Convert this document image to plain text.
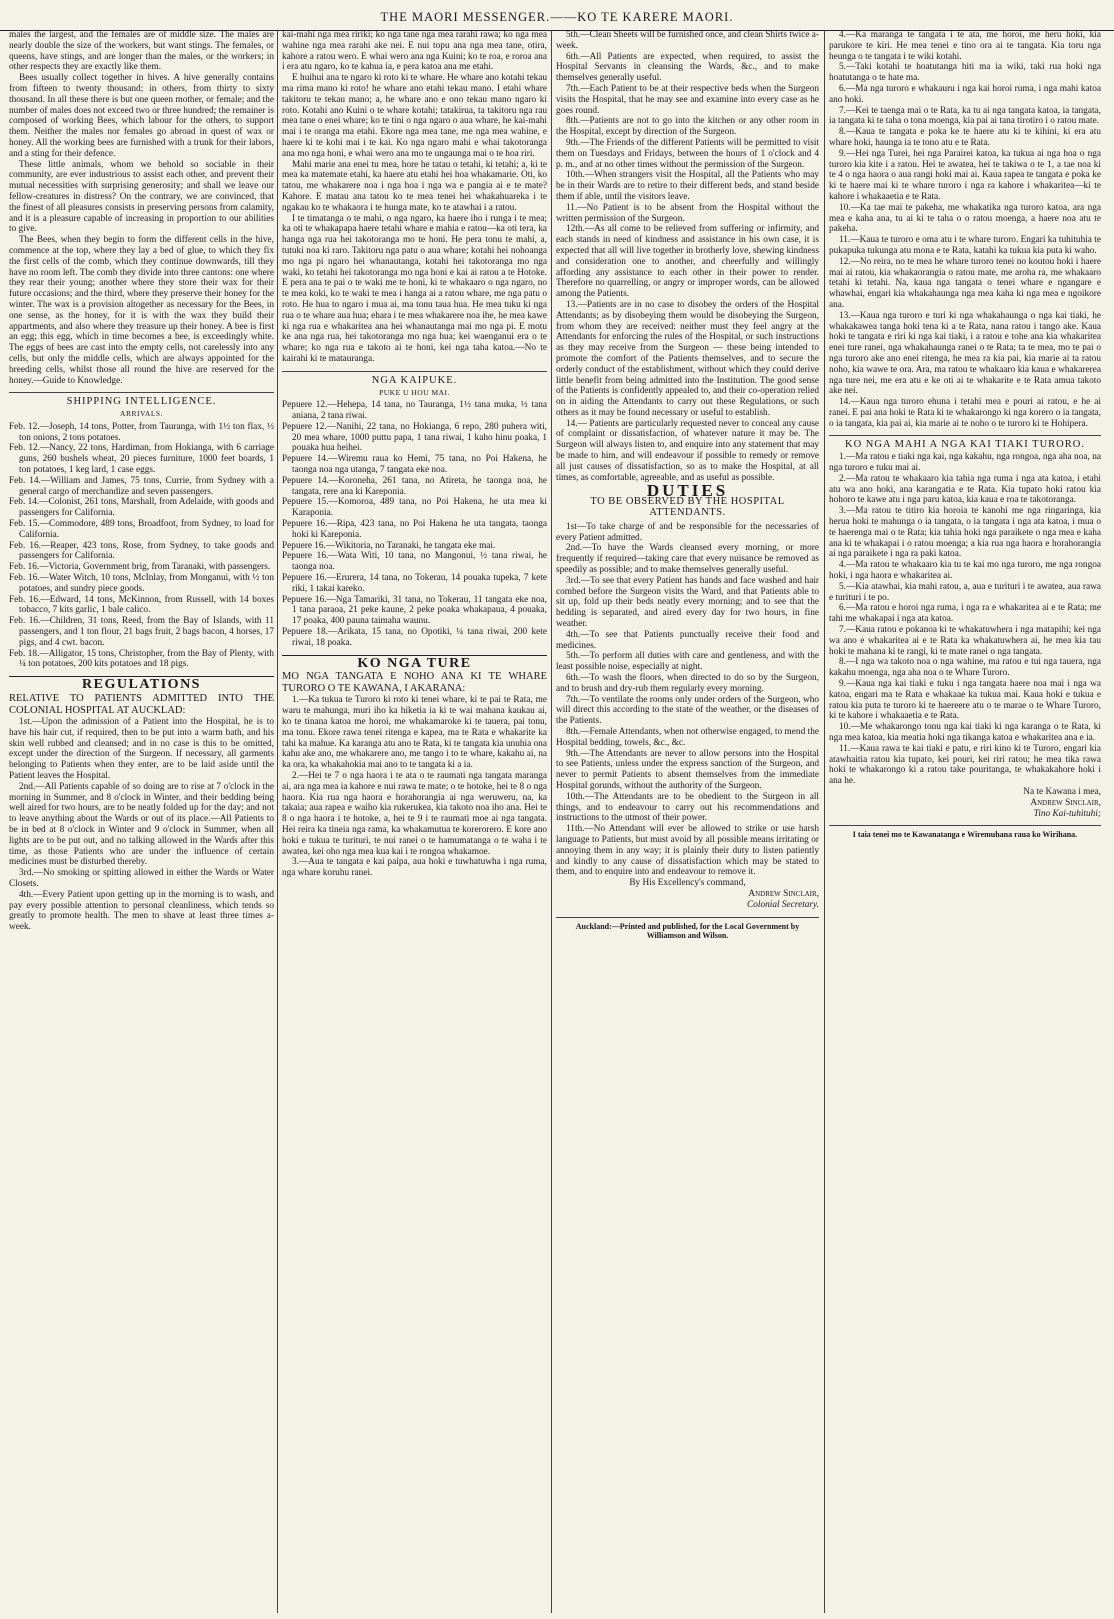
THE MAORI MESSENGER.——KO TE KARERE MAORI.

males the largest, and the females are of middle size. The males are nearly double the size of the workers, but want stings. The females, or queens, have stings, and are longer than the males, or the workers; in other respects they are exactly like them.

Bees usually collect together in hives. A hive generally contains from fifteen to twenty thousand; in others, from thirty to sixty thousand. In all these there is but one queen mother, or female; and the number of males does not exceed two or three hundred; the remainer is composed of working Bees, which labour for the others, to support them. Neither the males nor females go abroad in quest of wax or honey. All the working bees are furnished with a trunk for their labors, and a sting for their defence.

These little animals, whom we behold so sociable in their community, are ever industrious to assist each other, and prevent their mutual necessities with surprising generosity; and shall we leave our fellow-creatures in distress? On the contrary, we are convinced, that the finest of all pleasures consists in preserving persons from calamity, and it is a pleasure capable of increasing in proportion to our abilities to give.

The Bees, when they begin to form the different cells in the hive, commence at the top, where they lay a bed of glue, to which they fix the first cells of the comb, which they continue downwards, till they have no room left. The comb they divide into three cantons: one where they rear their young; another where they store their wax for their future occasions; and the third, where they preserve their honey for the winter. The wax is a provision altogether as necessary for the Bees, in one sense, as the honey, for it is with the wax they build their appartments, and also where they treasure up their honey. A bee is first an egg; this egg, which in time becomes a bee, is exceedingly white. The eggs of bees are cast into the empty cells, not carelessly into any cells, but only the middle cells, which are always appointed for the breeding cells, whilst those all round the hive are reserved for the honey.—Guide to Knowledge.

SHIPPING INTELLIGENCE.
ARRIVALS.

Feb. 12.—Joseph, 14 tons, Potter, from Tauranga, with 1½ ton flax, ½ ton onions, 2 tons potatoes.

Feb. 12.—Nancy, 22 tons, Hardiman, from Hokianga, with 6 carriage guns, 260 bushels wheat, 20 pieces furniture, 1000 feet boards, 1 ton potatoes, 1 keg lard, 1 case eggs.

Feb. 14.—William and James, 75 tons, Currie, from Sydney with a general cargo of merchandize and seven passengers.

Feb. 14.—Colonist, 261 tons, Marshall, from Adelaide, with goods and passengers for California.

Feb. 15.—Commodore, 489 tons, Broadfoot, from Sydney, to load for California.

Feb. 16.—Reaper, 423 tons, Rose, from Sydney, to take goods and passengers for California.

Feb. 16.—Victoria, Government brig, from Taranaki, with passengers.

Feb. 16.—Water Witch, 10 tons, McInlay, from Monganui, with ½ ton potatoes, and sundry piece goods.

Feb. 16.—Edward, 14 tons, McKinnon, from Russell, with 14 boxes tobacco, 7 kits garlic, 1 bale calico.

Feb. 16.—Children, 31 tons, Reed, from the Bay of Islands, with 11 passengers, and 1 ton flour, 21 bags fruit, 2 bags bacon, 4 horses, 17 pigs, and 4 cwt. bacon.

Feb. 18.—Alligator, 15 tons, Christopher, from the Bay of Plenty, with ¼ ton potatoes, 200 kits potatoes and 18 pigs.

REGULATIONS

RELATIVE TO PATIENTS ADMITTED INTO THE COLONIAL HOSPITAL AT AUCKLAD:

1st.—Upon the admission of a Patient into the Hospital, he is to have his hair cut, if required, then to be put into a warm bath, and his skin well rubbed and cleansed; and in no case is this to be omitted, except under the direction of the Surgeon. If necessary, all garments belonging to Patients when they enter, are to be laid aside until the Patient leaves the Hospital.

2nd.—All Patients capable of so doing are to rise at 7 o'clock in the morning in Summer, and 8 o'clock in Winter, and their bedding being well aired for two hours, are to be neatly folded up for the day; and not to leave anything about the Wards or out of its place.—All Patients to be in bed at 8 o'clock in Winter and 9 o'clock in Summer, when all lights are to be put out, and no talking allowed in the Wards after this time, as those Patients who are under the influence of certain medicines must be disturbed thereby.

3rd.—No smoking or spitting allowed in either the Wards or Water Closets.

4th.—Every Patient upon getting up in the morning is to wash, and pay every possible attention to personal cleanliness, which tends so greatly to promote health. The men to shave at least three times a-week.

kai-mahi nga mea ririki; ko nga tane nga mea rarahi rawa; ko nga mea wahine nga mea rarahi ake nei. E nui topu ana nga mea tane, otira, kahore a ratou wero. E whai wero ana nga Kuini; ko te roa, e roroa ana i era atu ngaro, ko te kahua ia, e pera katoa ana me etahi.

E huihui ana te ngaro ki roto ki te whare. He whare ano kotahi tekau ma rima mano ki roto! he whare ano etahi tekau mano. I etahi whare takitoru te tekau mano; a, he whare ano e ono tekau mano ngaro ki roto. Kotahi ano Kuini o te whare kotahi; tatakirua, ta takitoru nga rau mea tane o enei whare; ko te tini o nga ngaro o aua whare, he kai-mahi mai i te oranga ma etahi. Ekore nga mea tane, me nga mea wahine, e haere ki te kohi mai i te kai. Ko nga ngaro mahi e whai takotoranga ana mo nga honi, e whai wero ana mo te ungaunga mai o te hoa riri.

Mahi marie ana enei tu mea, hore he tatau o tetahi, ki tetahi; a, ki te mea ka matemate etahi, ka haere atu etahi hei hoa whakamarie. Oti, ko tatou, me whakarere noa i nga hoa i nga wa e pangia ai e te mate? Kahore. E matau ana tatou ko te mea tenei hei whakahuareka i te ngakau ko te whakaora i te hunga mate, ko te atawhai i a ratou.

I te timatanga o te mahi, o nga ngaro, ka haere iho i runga i te mea; ka oti te whakapapa haere tetahi whare e mahia e ratou—ka oti tera, ka hanga nga rua hei takotoranga mo te honi. He pera tonu te mahi, a, tutuki noa ki raro. Takitoru nga patu o aua whare; kotahi hei nohoanga mo nga pi ngaro hei whanautanga, kotahi hei takotoranga mo nga waki, ko tetahi hei takotoranga mo nga honi e kai ai ratou a te Hotoke. E pera ana te pai o te waki me te honi, ki te whakaaro o nga ngaro, no te mea koki, ko te waki te mea i hanga ai a ratou whare, me nga patu o roto. He hua to ngaro i mua ai, ma tonu taua hua. He mea tuku ki nga rua o te whare aua hua; ehara i te mea whakarere noa ihe, he mea kawe ki nga rua e whakaritea ana hei whanautanga mai mo nga pi. E motu ke ana nga rua, hei takotoranga mo nga hua; kei waenganui era o te whare; ko nga rua e takoto ai te honi, kei nga taha katoa.—No te kairahi ki te matauranga.

NGA KAIPUKE.
PUKE U HOU MAI.

Pepuere 12.—Hehepa, 14 tana, no Tauranga, 1½ tana muka, ½ tana aniana, 2 tana riwai.

Pepuere 12.—Nanihi, 22 tana, no Hokianga, 6 repo, 280 puhera witi, 20 mea whare, 1000 puttu papa, 1 tana riwai, 1 kaho hinu poaka, 1 pouaka hua heihei.

Pepuere 14.—Wiremu raua ko Hemi, 75 tana, no Poi Hakena, he taonga noa nga utanga, 7 tangata eke noa.

Pepuere 14.—Koroneha, 261 tana, no Atireta, he taonga noa, he tangata, rere ana ki Kareponia.

Pepuere 15.—Komoroa, 489 tana, no Poi Hakena, he uta mea ki Karaponia.

Pepuere 16.—Ripa, 423 tana, no Poi Hakena he uta tangata, taonga hoki ki Kareponia.

Pepuere 16.—Wikitoria, no Taranaki, he tangata eke mai.

Pepuere 16.—Wata Witi, 10 tana, no Mangonui, ½ tana riwai, he taonga noa.

Pepuere 16.—Erurera, 14 tana, no Tokerau, 14 pouaka tupeka, 7 kete riki, 1 takai kareko.

Pepuere 16.—Nga Tamariki, 31 tana, no Tokerau, 11 tangata eke noa, 1 tana paraoa, 21 peke kaune, 2 peke poaka whakapaua, 4 pouaka, 17 poaka, 400 pauna taimaha waunu.

Pepuere 18.—Arikata, 15 tana, no Opotiki, ¼ tana riwai, 200 kete riwai, 18 poaka.

KO NGA TURE

MO NGA TANGATA E NOHO ANA KI TE WHARE TURORO O TE KAWANA, I AKARANA:

1.—Ka tukua te Turoro ki roto ki tenei whare, ki te pai te Rata, me waru te mahunga, muri iho ka hiketia ia ki te wai mahana kaukau ai, ko te tinana katoa me horoi, me whakamaroke ki te tauera, pai tonu, ma tonu. Ekore rawa tenei ritenga e kapea, ma te Rata e whakarite ka tahi ka mahue. Ka karanga atu ano te Rata, ki te tangata kia unuhia ona kahu ake ano, me whakarere ano, me tango i to te whare, kakahu ai, na ka ora, ka whakahokia mai ano to te tangata ki a ia.

2.—Hei te 7 o nga haora i te ata o te raumati nga tangata maranga ai, ara nga mea ia kahore e nui rawa te mate; o te hotoke, hei te 8 o nga haora. Kia rua nga haora e horahorangia ai nga weruweru, na, ka takaia; aua rapea e waiho kia rukerukea, kia takoto noa iho ana. Hei te 8 o nga haora i te hotoke, a, hei te 9 i te raumati moe ai nga tangata. Hei reira ka tineia nga rama, ka whakamutua te korerorero. E kore ano hoki e tukua te turituri, te nui ranei o te hamumatanga o te waha i te awatea, kei oho nga mea kua kai i te rongoa whakamoe.

3.—Aua te tangata e kai paipa, aua hoki e tuwhatuwha i nga ruma, nga whare koruhu ranei.

5th.—Clean Sheets will be furnished once, and clean Shirts twice a-week.

6th.—All Patients are expected, when required, to assist the Hospital Servants in cleansing the Wards, &c., and to make themselves generally useful.

7th.—Each Patient to be at their respective beds when the Surgeon visits the Hospital, that he may see and examine into every case as he goes round.

8th.—Patients are not to go into the kitchen or any other room in the Hospital, except by direction of the Surgeon.

9th.—The Friends of the different Patients will be permitted to visit them on Tuesdays and Fridays, between the hours of 1 o'clock and 4 p. m., and at no other times without the permission of the Surgeon.

10th.—When strangers visit the Hospital, all the Patients who may be in their Wards are to retire to their different beds, and stand beside them if able, until the visitors leave.

11.—No Patient is to be absent from the Hospital without the written permission of the Surgeon.

12th.—As all come to be relieved from suffering or infirmity, and each stands in need of kindness and assistance in his own case, it is expected that all will live together in brotherly love, shewing kindness and consideration one to another, and cheerfully and willingly affording any assistance to each other in their power to render. Therefore no quarrelling, or angry or improper words, can be allowed among the Patients.

13.—Patients are in no case to disobey the orders of the Hospital Attendants; as by disobeying them would be disobeying the Surgeon, from whom they are received: neither must they feel angry at the Attendants for enforcing the rules of the Hospital, or such instructions as they may receive from the Surgeon — these being intended to promote the comfort of the Patients themselves, and to secure the orderly conduct of the establishment, without which they could derive little benefit from being admitted into the Institution. The good sense of the Patients is confidently appealed to, and their co-operation relied on in aiding the Attendants to carry out these Regulations, or such others as it may be found necessary or useful to establish.

14.— Patients are particularly requested never to conceal any cause of complaint or dissatisfaction, of whatever nature it may be. The Surgeon will always listen to, and enquire into any statement that may be made to him, and will endeavour if possible to remedy or remove all just causes of dissatisfaction, so as to make the Hospital, at all times, as comfortable, agreeable, and as useful as possible.

DUTIES
TO BE OBSERVED BY THE HOSPITAL ATTENDANTS.

1st—To take charge of and be responsible for the necessaries of every Patient admitted.

2nd.—To have the Wards cleansed every morning, or more frequently if required—taking care that every nuisance be removed as speedily as possible; and to make themselves generally useful.

3rd.—To see that every Patient has hands and face washed and hair combed before the Surgeon visits the Ward, and that Patients able to sit up, fold up their beds neatly every morning; and to see that the bedding is separated, and aired every day for two hours, in fine weather.

4th.—To see that Patients punctually receive their food and medicines.

5th.—To perform all duties with care and gentleness, and with the least possible noise, especially at night.

6th.—To wash the floors, when directed to do so by the Surgeon, and to brush and dry-rub them regularly every morning.

7th.—To ventilate the rooms only under orders of the Surgeon, who will direct this according to the state of the weather, or the diseases of the Patients.

8th.—Female Attendants, when not otherwise engaged, to mend the Hospital bedding, towels, &c., &c.

9th.—The Attendants are never to allow persons into the Hospital to see Patients, unless under the express sanction of the Surgeon, and never to permit Patients to absent themselves from the immediate Hospital gorunds, without the authority of the Surgeon.

10th.—The Attendants are to be obedient to the Surgeon in all things, and to endeavour to carry out his recommendations and instructions to the utmost of their power.

11th.—No Attendant will ever be allowed to strike or use harsh language to Patients, but must avoid by all possible means irritating or annoying them in any way; it is plainly their duty to listen patiently and kindly to any cause of dissatisfaction which may be stated to them, and to enquire into and endeavour to remove it.

By His Excellency's command,

Andrew Sinclair,

Colonial Secretary.

Auckland:—Printed and published, for the Local Government by Williamson and Wilson.

4.—Ka maranga te tangata i te ata, me horoi, me heru hoki, kia parukore te kiri. He mea tenei e tino ora ai te tangata. Kia toru nga heunga o te tangata i te wiki kotahi.

5.—Taki kotahi te hoatutanga hiti ma ia wiki, taki rua hoki nga hoatutanga o te hate ma.

6.—Ma nga turoro e whakauru i nga kai horoi ruma, i nga mahi katoa ano hoki.

7.—Kei te taenga mai o te Rata, ka tu ai nga tangata katoa, ia tangata, ia tangata ki te taha o tona moenga, kia pai ai tana tirotiro i o ratou mate.

8.—Kaua te tangata e poka ke te haere atu ki te kihini, ki era atu whare hoki, haunga ia te tono atu e te Rata.

9.—Hei nga Turei, hei nga Parairei katoa, ka tukua ai nga hoa o nga turoro kia kite i a ratou. Hei te awatea, hei te takiwa o te 1, a tae noa ki te 4 o nga haora o aua rangi hoki mai ai. Kaua rapea te tangata e poka ke ki te haere mai ki te whare turoro i nga ra kahore i whakaritea—ki te kahore i whakaaetia e te Rata.

10.—Ka tae mai te pakeha, me whakatika nga turoro katoa, ara nga mea e kaha ana, tu ai ki te taha o o ratou moenga, a haere noa atu te pakeha.

11.—Kaua te turoro e oma atu i te whare turoro. Engari ka tuhituhia te pukapuka tukunga atu mona e te Rata, katahi ka tukua kia puta ki waho.

12.—No reira, no te mea he whare turoro tenei no koutou hoki i haere mai ai ratou, kia whakaorangia o ratou mate, me aroha ra, me whakaaro tetahi ki tetahi. Na, kaua nga tangata o tenei whare e ngangare e whawhai, engari kia whakahaunga nga mea kaha ki nga mea e ngoikore ana.

13.—Kaua nga turoro e turi ki nga whakahaunga o nga kai tiaki, he whakakawea tanga hoki tena ki a te Rata, nana ratou i tango ake. Kaua hoki te tangata e riri ki nga kai tiaki, i a ratou e tohe ana kia whakaritea enei ture ranei, nga whakahaunga ranei o te Rata; ta te mea, mo te pai o nga turoro ake ano enei ritenga, he mea ra kia pai, kia marie ai ta ratou noho, kia wawe te ora. Ara, ma ratou te whakaaro kia kaua e whakarerea nga ture nei, me era atu e ke oti ai te whakarite e te Rata amua takoto ake nei.

14.—Kaua nga turoro ehuna i tetahi mea e pouri ai ratou, e he ai ranei. E pai ana hoki te Rata ki te whakarongo ki nga korero o ia tangata, o ia tangata, kia pai ai, kia marie ai te noho o te turoro ki te Hohipera.

KO NGA MAHI A NGA KAI TIAKI TURORO.

1.—Ma ratou e tiaki nga kai, nga kakahu, nga rongoa, nga aha noa, na nga turoro e tuku mai ai.

2.—Ma ratou te whakaaro kia tahia nga ruma i nga ata katoa, i etahi atu wa ano hoki, ana karangatia e te Rata. Kia tupato hoki ratou kia hohoro te kawe atu i nga paru katoa, kia kaua e roa te takotoranga.

3.—Ma ratou te titiro kia horoia te kanohi me nga ringaringa, kia herua hoki te mahunga o ia tangata, o ia tangata i nga ata katoa, i mua o te haerenga mai o te Rata; kia tahia hoki nga paraikete o nga mea e kaha ana ki te whakapai i o ratou moenga; a kia rua nga haora e horahorangia ai nga paraikete i nga ra paki katoa.

4.—Ma ratou te whakaaro kia tu te kai mo nga turoro, me nga rongoa hoki, i nga haora e whakaritea ai.

5.—Kia atawhai, kia mahi ratou, a, aua e turituri i te awatea, aua rawa e turituri i te po.

6.—Ma ratou e horoi nga ruma, i nga ra e whakaritea ai e te Rata; me tahi me whakapai i nga ata katoa.

7.—Kaua ratou e pokanoa ki te whakatuwhera i nga matapihi; kei nga wa ano e whakaritea ai e te Rata ka whakatuwhera ai, he mea kia tau hoki te mahana ki te rangi, ki te mate ranei o nga tangata.

8.—I nga wa takoto noa o nga wahine, ma ratou e tui nga tauera, nga kakahu moenga, nga aha noa o te Whare Turoro.

9.—Kaua nga kai tiaki e tuku i nga tangata haere noa mai i nga wa katoa, engari ma te Rata e whakaae ka tukua mai. Kaua hoki e tukua e ratou kia puta te turoro ki te haereere atu o te marae o te Whare Turoro, ki te kahore i whakaaetia e te Rata.

10.—Me whakarongo tonu nga kai tiaki ki nga karanga o te Rata, ki nga mea katoa, kia meatia hoki nga tikanga katoa e whakaritea ana e ia.

11.—Kaua rawa te kai tiaki e patu, e riri kino ki te Turoro, engari kia atawhaitia ratou kia tupato, kei pouri, kei riri ratou; he mea tika rawa hoki te whakarongo ki a ratou take pouritanga, te whakakahore hoki i ana he.

Na te Kawana i mea,

Andrew Sinclair,

Tino Kai-tuhituhi;

I taia tenei mo te Kawanatanga e Wiremuhana raua ko Wirihana.
